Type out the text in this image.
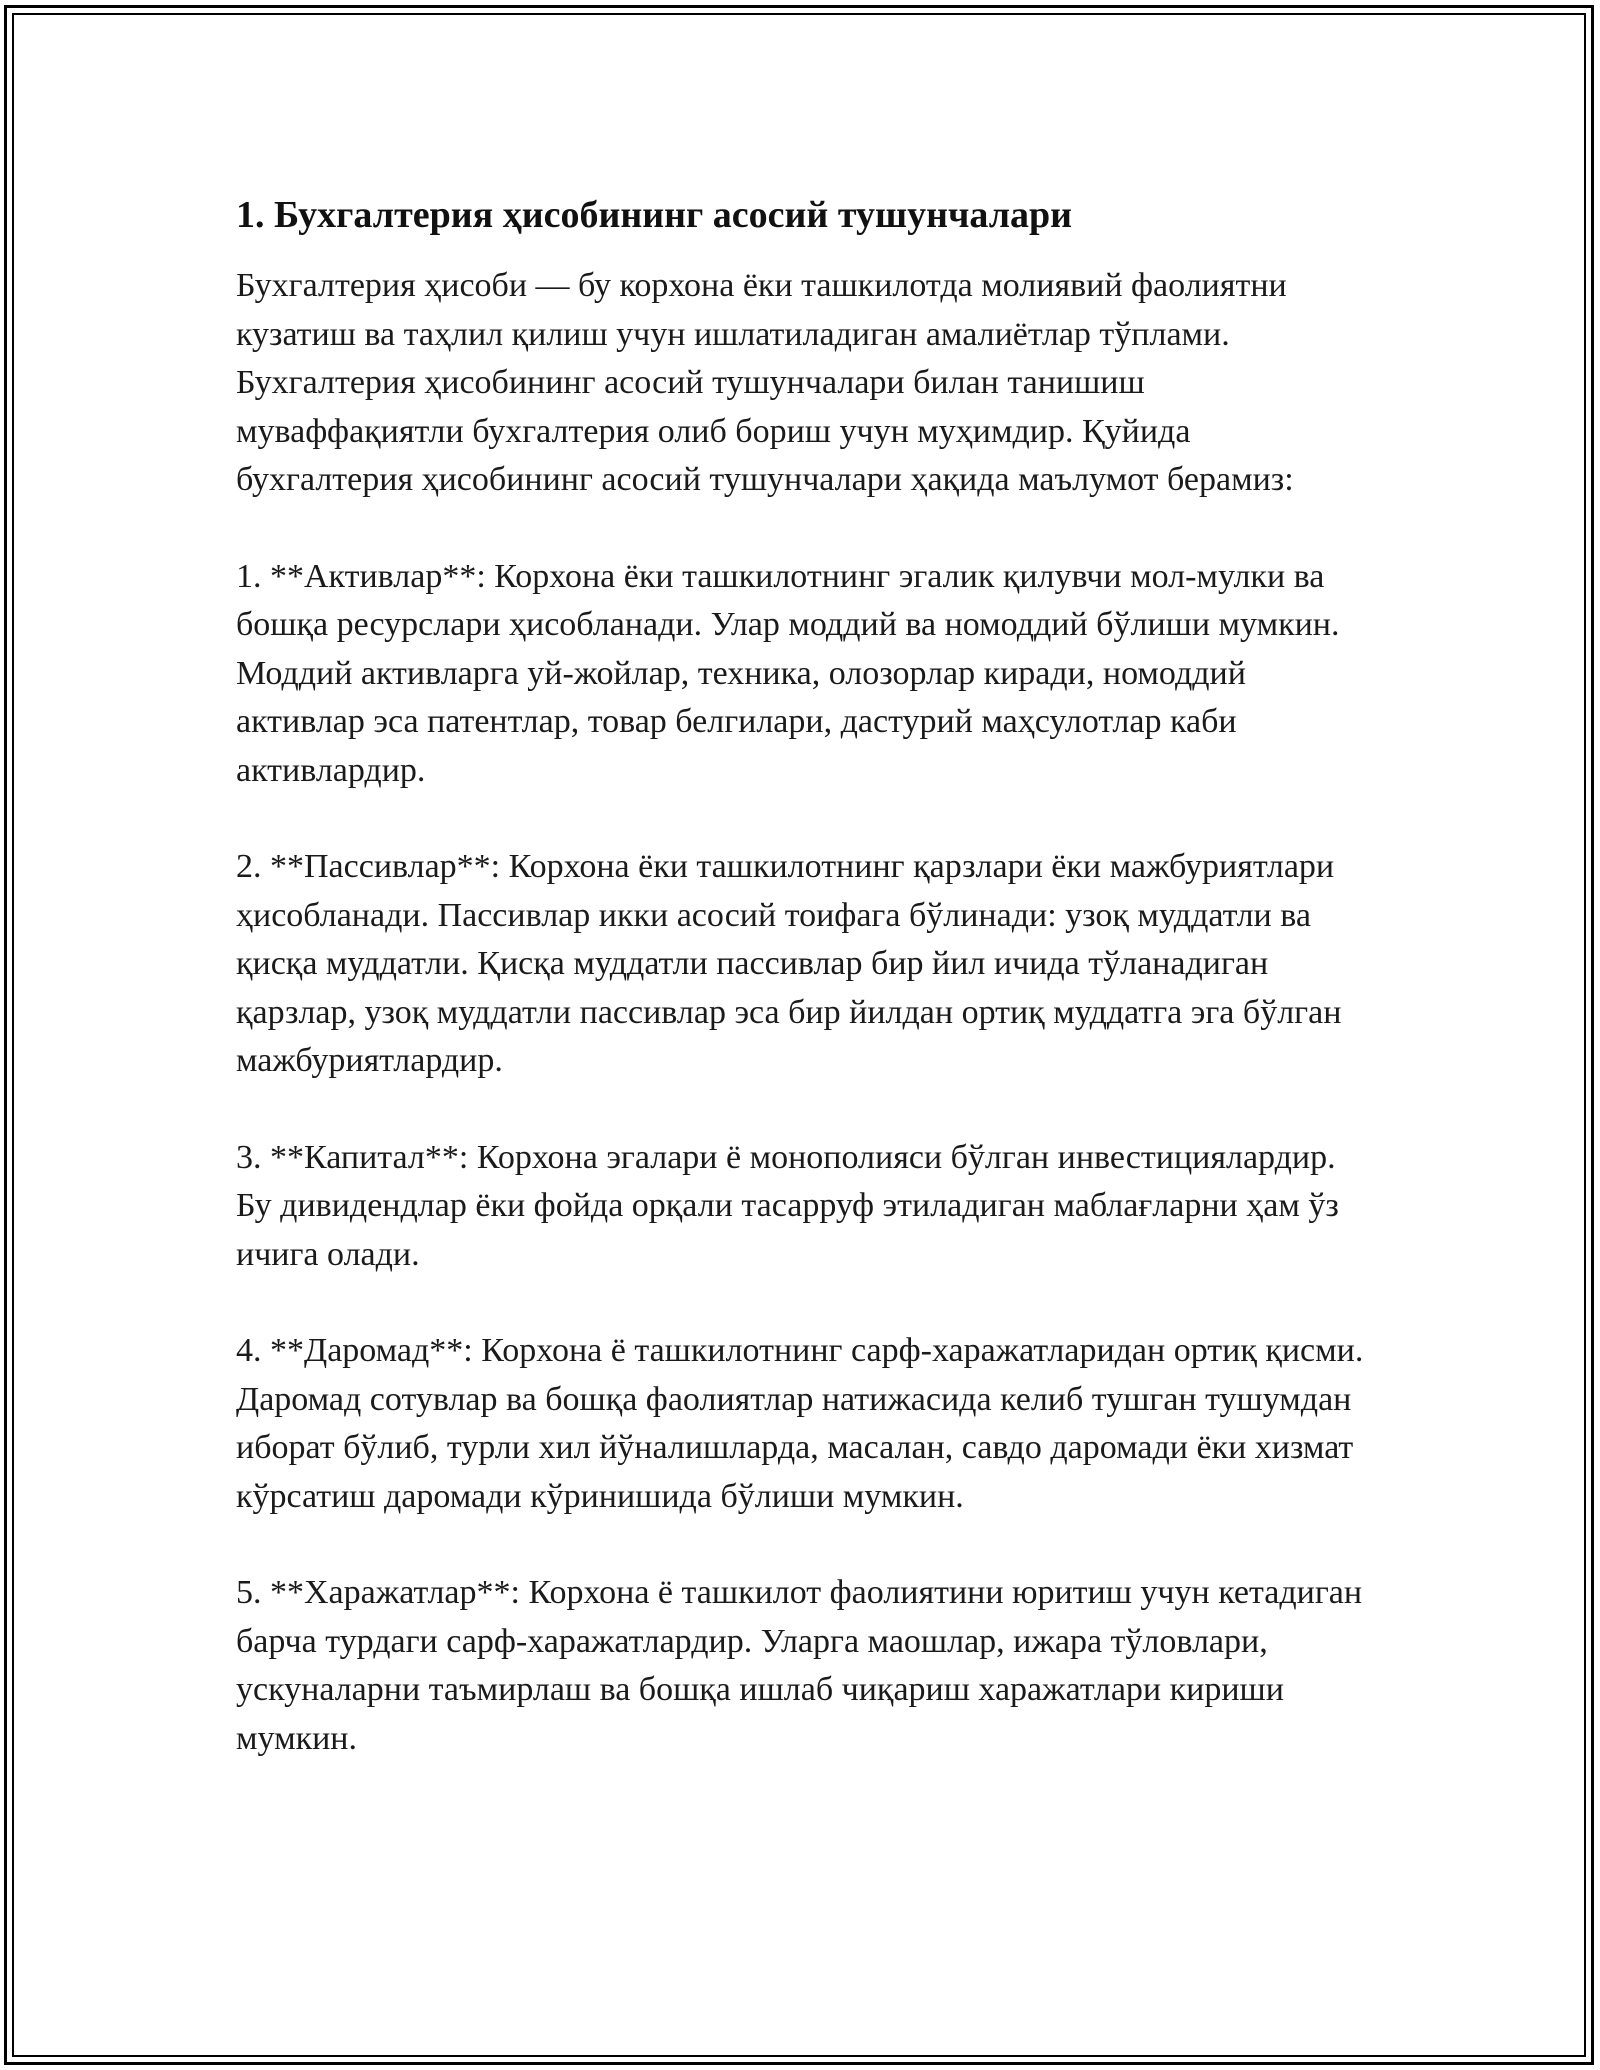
1. Бухгалтерия ҳисобининг асосий тушунчалари

Бухгалтерия ҳисоби — бу корхона ёки ташкилотда молиявий фаолиятни кузатиш ва таҳлил қилиш учун ишлатиладиган амалиётлар тўплами. Бухгалтерия ҳисобининг асосий тушунчалари билан танишиш муваффақиятли бухгалтерия олиб бориш учун муҳимдир. Қуйида бухгалтерия ҳисобининг асосий тушунчалари ҳақида маълумот берамиз:

1. **Активлар**: Корхона ёки ташкилотнинг эгалик қилувчи мол-мулки ва бошқа ресурслари ҳисобланади. Улар моддий ва номоддий бўлиши мумкин. Моддий активларга уй-жойлар, техника, олозорлар киради, номоддий активлар эса патентлар, товар белгилари, дастурий маҳсулотлар каби активлардир.

2. **Пассивлар**: Корхона ёки ташкилотнинг қарзлари ёки мажбуриятлари ҳисобланади. Пассивлар икки асосий тоифага бўлинади: узоқ муддатли ва қисқа муддатли. Қисқа муддатли пассивлар бир йил ичида тўланадиган қарзлар, узоқ муддатли пассивлар эса бир йилдан ортиқ муддатга эга бўлган мажбуриятлардир.

3. **Капитал**: Корхона эгалари ё монополияси бўлган инвестициялардир. Бу дивидендлар ёки фойда орқали тасарруф этиладиган маблағларни ҳам ўз ичига олади.

4. **Даромад**: Корхона ё ташкилотнинг сарф-харажатларидан ортиқ қисми. Даромад сотувлар ва бошқа фаолиятлар натижасида келиб тушган тушумдан иборат бўлиб, турли хил йўналишларда, масалан, савдо даромади ёки хизмат кўрсатиш даромади кўринишида бўлиши мумкин.

5. **Харажатлар**: Корхона ё ташкилот фаолиятини юритиш учун кетадиган барча турдаги сарф-харажатлардир. Уларга маошлар, ижара тўловлари, ускуналарни таъмирлаш ва бошқа ишлаб чиқариш харажатлари кириши мумкин.
